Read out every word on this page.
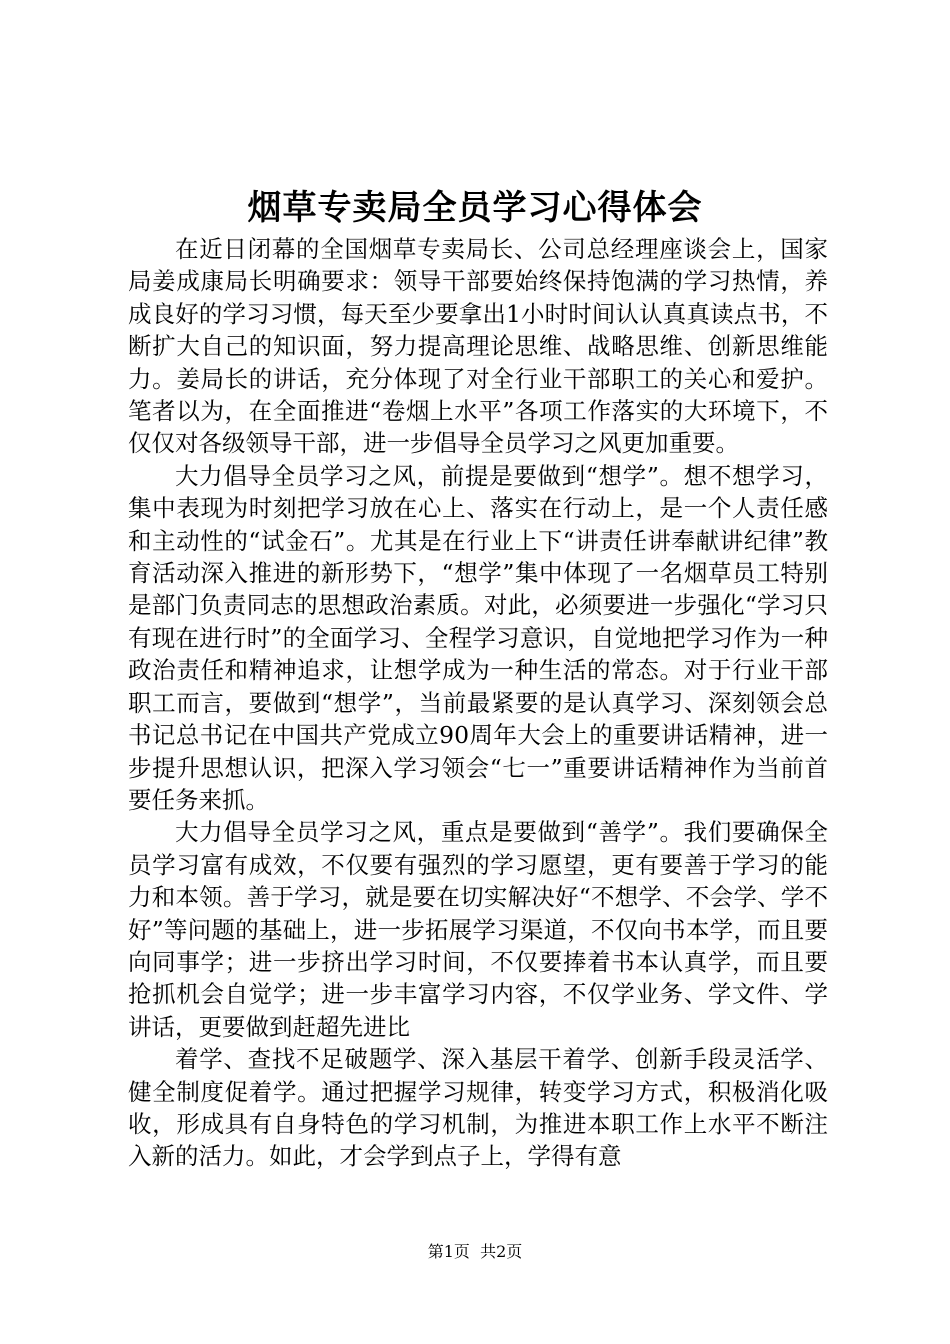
烟草专卖局全员学习心得体会

在近日闭幕的全国烟草专卖局长、公司总经理座谈会上，国家局姜成康局长明确要求：领导干部要始终保持饱满的学习热情，养成良好的学习习惯，每天至少要拿出1小时时间认认真真读点书，不断扩大自己的知识面，努力提高理论思维、战略思维、创新思维能力。姜局长的讲话，充分体现了对全行业干部职工的关心和爱护。笔者以为，在全面推进“卷烟上水平”各项工作落实的大环境下，不仅仅对各级领导干部，进一步倡导全员学习之风更加重要。

大力倡导全员学习之风，前提是要做到“想学”。想不想学习，集中表现为时刻把学习放在心上、落实在行动上，是一个人责任感和主动性的“试金石”。尤其是在行业上下“讲责任讲奉献讲纪律”教育活动深入推进的新形势下，“想学”集中体现了一名烟草员工特别是部门负责同志的思想政治素质。对此，必须要进一步强化“学习只有现在进行时”的全面学习、全程学习意识，自觉地把学习作为一种政治责任和精神追求，让想学成为一种生活的常态。对于行业干部职工而言，要做到“想学”，当前最紧要的是认真学习、深刻领会总书记总书记在中国共产党成立90周年大会上的重要讲话精神，进一步提升思想认识，把深入学习领会“七一”重要讲话精神作为当前首要任务来抓。

大力倡导全员学习之风，重点是要做到“善学”。我们要确保全员学习富有成效，不仅要有强烈的学习愿望，更有要善于学习的能力和本领。善于学习，就是要在切实解决好“不想学、不会学、学不好”等问题的基础上，进一步拓展学习渠道，不仅向书本学，而且要向同事学；进一步挤出学习时间，不仅要捧着书本认真学，而且要抢抓机会自觉学；进一步丰富学习内容，不仅学业务、学文件、学讲话，更要做到赶超先进比

着学、查找不足破题学、深入基层干着学、创新手段灵活学、健全制度促着学。通过把握学习规律，转变学习方式，积极消化吸收，形成具有自身特色的学习机制，为推进本职工作上水平不断注入新的活力。如此，才会学到点子上，学得有意

第1页 共2页
